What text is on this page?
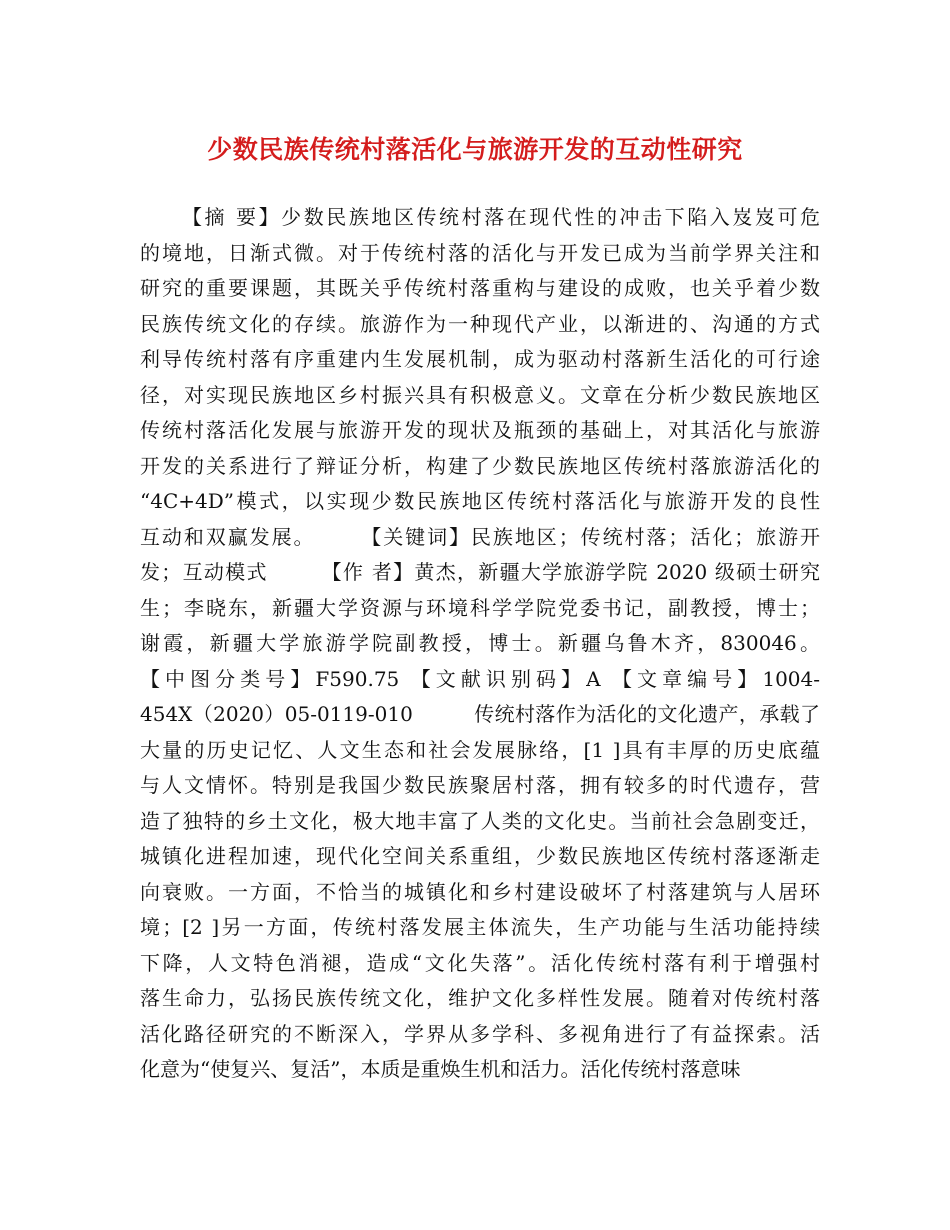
少数民族传统村落活化与旅游开发的互动性研究
【摘 要】少数民族地区传统村落在现代性的冲击下陷入岌岌可危
的境地，日渐式微。对于传统村落的活化与开发已成为当前学界关注和
研究的重要课题，其既关乎传统村落重构与建设的成败，也关乎着少数
民族传统文化的存续。旅游作为一种现代产业，以渐进的、沟通的方式
利导传统村落有序重建内生发展机制，成为驱动村落新生活化的可行途
径，对实现民族地区乡村振兴具有积极意义。文章在分析少数民族地区
传统村落活化发展与旅游开发的现状及瓶颈的基础上，对其活化与旅游
开发的关系进行了辩证分析，构建了少数民族地区传统村落旅游活化的
“4C+4D”模式，以实现少数民族地区传统村落活化与旅游开发的良性
互动和双赢发展。　　　【关键词】民族地区；传统村落；活化；旅游开
发；互动模式　　　【作 者】黄杰，新疆大学旅游学院 2020 级硕士研究
生；李晓东，新疆大学资源与环境科学学院党委书记，副教授，博士；
谢霞，新疆大学旅游学院副教授，博士。新疆乌鲁木齐，830046。
【中图分类号】F590.75 【文献识别码】A 【文章编号】1004-
454X（2020）05-0119-010　　　传统村落作为活化的文化遗产，承载了
大量的历史记忆、人文生态和社会发展脉络，[1 ]具有丰厚的历史底蕴
与人文情怀。特别是我国少数民族聚居村落，拥有较多的时代遗存，营
造了独特的乡土文化，极大地丰富了人类的文化史。当前社会急剧变迁，
城镇化进程加速，现代化空间关系重组，少数民族地区传统村落逐渐走
向衰败。一方面，不恰当的城镇化和乡村建设破坏了村落建筑与人居环
境；[2 ]另一方面，传统村落发展主体流失，生产功能与生活功能持续
下降，人文特色消褪，造成“文化失落”。活化传统村落有利于增强村
落生命力，弘扬民族传统文化，维护文化多样性发展。随着对传统村落
活化路径研究的不断深入，学界从多学科、多视角进行了有益探索。活
化意为“使复兴、复活”，本质是重焕生机和活力。活化传统村落意味
